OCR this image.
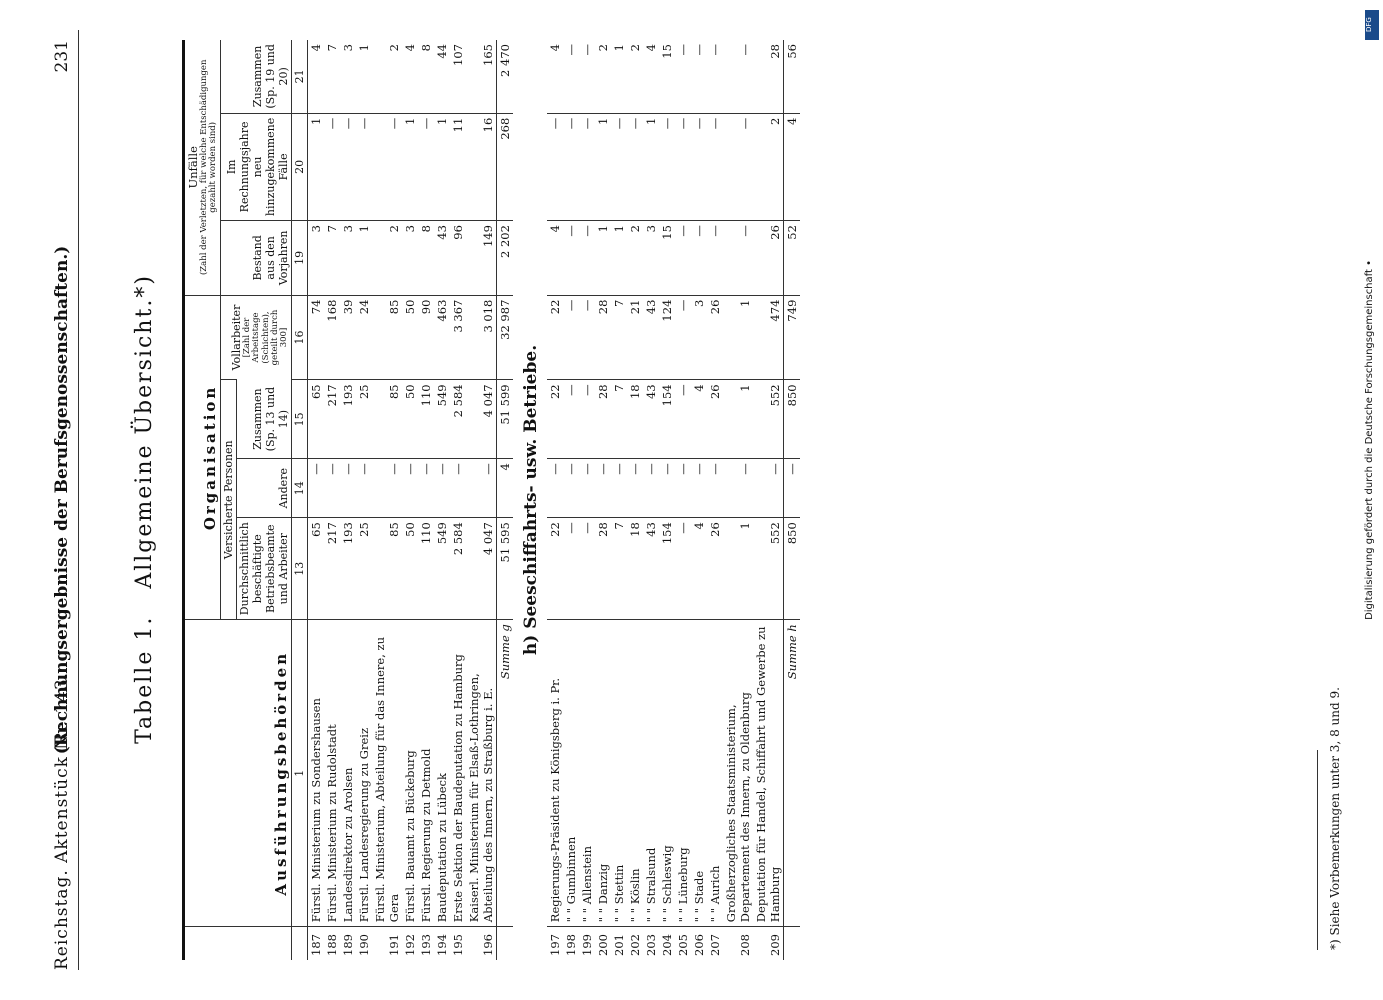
Reichstag. Aktenstück Nr. 143.
(Rechnungsergebnisse der Berufsgenossenschaften.)
231
Tabelle 1. Allgemeine Übersicht.*)
	Ausführungsbehörden	Organisation				Unfälle (Zahl der Verletzten, für welche Entschädigungen gezahlt worden sind)		

		Versicherte Personen			Vollarbeiter [Zahl der Arbeitstage (Schichten), geteilt durch 300]	Bestand aus den Vorjahren	Im Rechnungsjahre neu hinzugekommene Fälle	Zusammen (Sp. 19 und 20)
		Durchschnittlich beschäftigte Betriebsbeamte und Arbeiter	Andere	Zusammen (Sp. 13 und 14)				
	1	13	14	15	16	19	20	21
187	Fürstl. Ministerium zu Sondershausen	65	—	65	74	3	1	4
188	Fürstl. Ministerium zu Rudolstadt	217	—	217	168	7	—	7
189	Landesdirektor zu Arolsen	193	—	193	39	3	—	3
190	Fürstl. Landesregierung zu Greiz	25	—	25	24	1	—	1
191	Fürstl. Ministerium, Abteilung für das Innere, zu Gera	85	—	85	85	2	—	2
192	Fürstl. Bauamt zu Bückeburg	50	—	50	50	3	1	4
193	Fürstl. Regierung zu Detmold	110	—	110	90	8	—	8
194	Baudeputation zu Lübeck	549	—	549	463	43	1	44
195	Erste Sektion der Baudeputation zu Hamburg	2 584	—	2 584	3 367	96	11	107
196	Kaiserl. Ministerium für Elsaß-Lothringen, Abteilung des Innern, zu Straßburg i. E.	4 047	—	4 047	3 018	149	16	165
	Summe g	51 595	4	51 599	32 987	2 202	268	2 470
h) Seeschiffahrts- usw. Betriebe.								
197	Regierungs-Präsident zu Königsberg i. Pr.	22	—	22	22	4	—	4
198	" " Gumbinnen	—	—	—	—	—	—	—
199	" " Allenstein	—	—	—	—	—	—	—
200	" " Danzig	28	—	28	28	1	1	2
201	" " Stettin	7	—	7	7	1	—	1
202	" " Köslin	18	—	18	21	2	—	2
203	" " Stralsund	43	—	43	43	3	1	4
204	" " Schleswig	154	—	154	124	15	—	15
205	" " Lüneburg	—	—	—	—	—	—	—
206	" " Stade	4	—	4	3	—	—	—
207	" " Aurich	26	—	26	26	—	—	—
208	Großherzogliches Staatsministerium, Departement des Innern, zu Oldenburg	1	—	1	1	—	—	—
209	Deputation für Handel, Schiffahrt und Gewerbe zu Hamburg	552	—	552	474	26	2	28
	Summe h	850	—	850	749	52	4	56
*) Siehe Vorbemerkungen unter 3, 8 und 9.
DFG
Digitalisierung gefördert durch die Deutsche Forschungsgemeinschaft •
